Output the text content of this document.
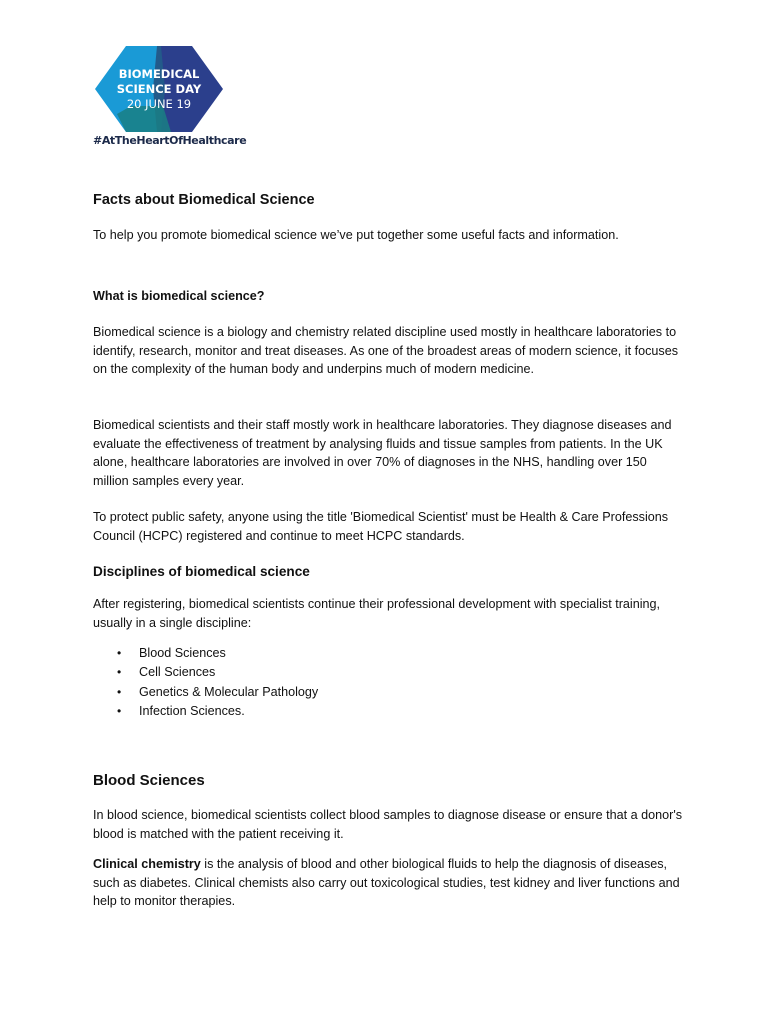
BIOMEDICAL
SCIENCE DAY
20 JUNE 19
#AtTheHeartOfHealthcare
Facts about Biomedical Science

To help you promote biomedical science we’ve put together some useful facts and information.

What is biomedical science?

Biomedical science is a biology and chemistry related discipline used mostly in healthcare laboratories to identify, research, monitor and treat diseases. As one of the broadest areas of modern science, it focuses on the complexity of the human body and underpins much of modern medicine.

Biomedical scientists and their staff mostly work in healthcare laboratories. They diagnose diseases and evaluate the effectiveness of treatment by analysing fluids and tissue samples from patients. In the UK alone, healthcare laboratories are involved in over 70% of diagnoses in the NHS, handling over 150 million samples every year.

To protect public safety, anyone using the title 'Biomedical Scientist' must be Health & Care Professions Council (HCPC) registered and continue to meet HCPC standards.

Disciplines of biomedical science

After registering, biomedical scientists continue their professional development with specialist training, usually in a single discipline:

• Blood Sciences
• Cell Sciences
• Genetics & Molecular Pathology
• Infection Sciences.
Blood Sciences

In blood science, biomedical scientists collect blood samples to diagnose disease or ensure that a donor's blood is matched with the patient receiving it.

Clinical chemistry is the analysis of blood and other biological fluids to help the diagnosis of diseases, such as diabetes. Clinical chemists also carry out toxicological studies, test kidney and liver functions and help to monitor therapies.
